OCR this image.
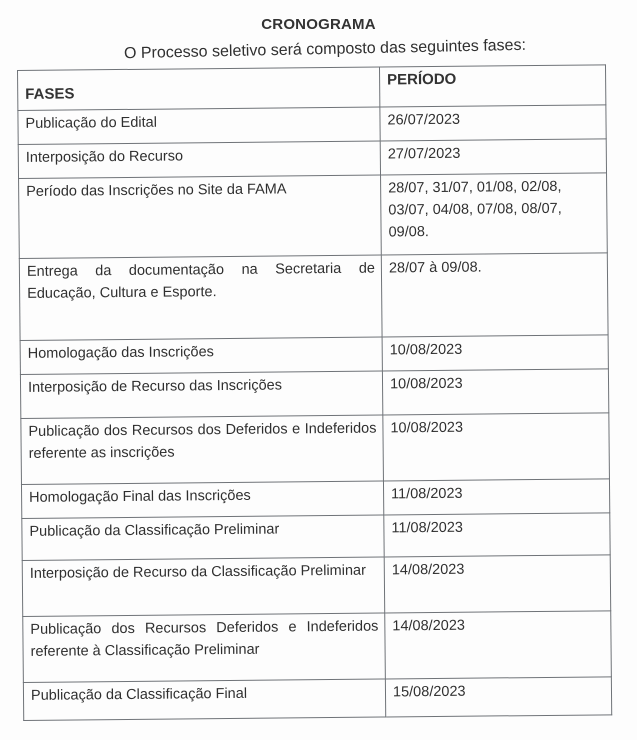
CRONOGRAMA
O Processo seletivo será composto das seguintes fases:
FASES	PERÍODO
Publicação do Edital	26/07/2023
Interposição do Recurso	27/07/2023
Período das Inscrições no Site da FAMA	28/07, 31/07, 01/08, 02/08, 03/07, 04/08, 07/08, 08/07, 09/08.
Entrega da documentação na Secretaria de Educação, Cultura e Esporte.	28/07 à 09/08.
Homologação das Inscrições	10/08/2023
Interposição de Recurso das Inscrições	10/08/2023
Publicação dos Recursos dos Deferidos e Indeferidos referente as inscrições	10/08/2023
Homologação Final das Inscrições	11/08/2023
Publicação da Classificação Preliminar	11/08/2023
Interposição de Recurso da Classificação Preliminar	14/08/2023
Publicação dos Recursos Deferidos e Indeferidos referente à Classificação Preliminar	14/08/2023
Publicação da Classificação Final	15/08/2023
